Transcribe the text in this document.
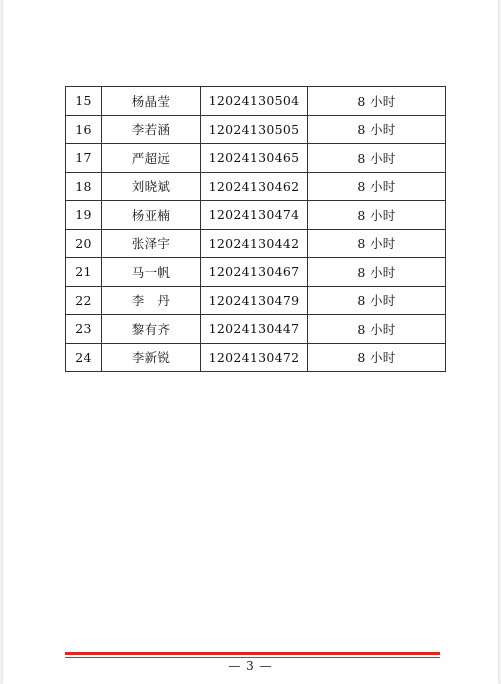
15	杨晶莹	12024130504	8 小时
16	李若涵	12024130505	8 小时
17	严超远	12024130465	8 小时
18	刘晓斌	12024130462	8 小时
19	杨亚楠	12024130474	8 小时
20	张泽宇	12024130442	8 小时
21	马一帆	12024130467	8 小时
22	李　丹	12024130479	8 小时
23	黎有齐	12024130447	8 小时
24	李新锐	12024130472	8 小时
— 3 —
